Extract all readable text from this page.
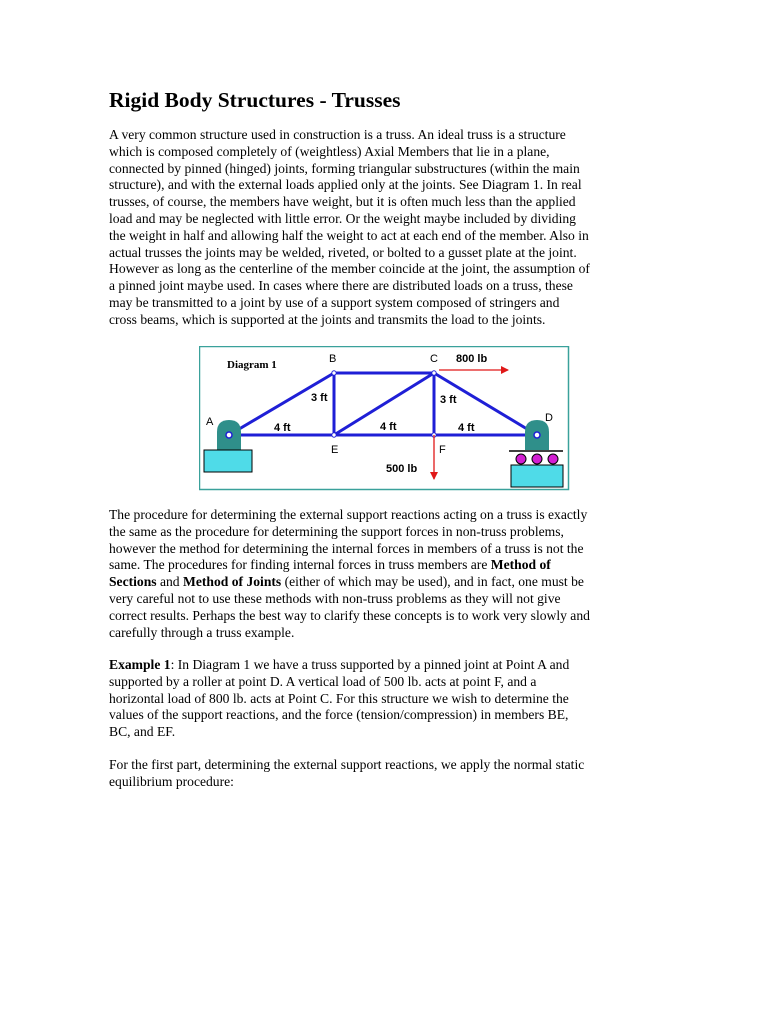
Rigid Body Structures - Trusses
A very common structure used in construction is a truss. An ideal truss is a structure
which is composed completely of (weightless) Axial Members that lie in a plane,
connected by pinned (hinged) joints, forming triangular substructures (within the main
structure), and with the external loads applied only at the joints. See Diagram 1. In real
trusses, of course, the members have weight, but it is often much less than the applied
load and may be neglected with little error. Or the weight maybe included by dividing
the weight in half and allowing half the weight to act at each end of the member. Also in
actual trusses the joints may be welded, riveted, or bolted to a gusset plate at the joint.
However as long as the centerline of the member coincide at the joint, the assumption of
a pinned joint maybe used. In cases where there are distributed loads on a truss, these
may be transmitted to a joint by use of a support system composed of stringers and
cross beams, which is supported at the joints and transmits the load to the joints.
Diagram 1	B	C
A	D
E	F
4 ft	4 ft	4 ft
3 ft	3 ft
800 lb
500 lb
The procedure for determining the external support reactions acting on a truss is exactly
the same as the procedure for determining the support forces in non-truss problems,
however the method for determining the internal forces in members of a truss is not the
same. The procedures for finding internal forces in truss members are Method of
Sections and Method of Joints (either of which may be used), and in fact, one must be
very careful not to use these methods with non-truss problems as they will not give
correct results. Perhaps the best way to clarify these concepts is to work very slowly and
carefully through a truss example.
Example 1: In Diagram 1 we have a truss supported by a pinned joint at Point A and
supported by a roller at point D. A vertical load of 500 lb. acts at point F, and a
horizontal load of 800 lb. acts at Point C. For this structure we wish to determine the
values of the support reactions, and the force (tension/compression) in members BE,
BC, and EF.
For the first part, determining the external support reactions, we apply the normal static
equilibrium procedure:
